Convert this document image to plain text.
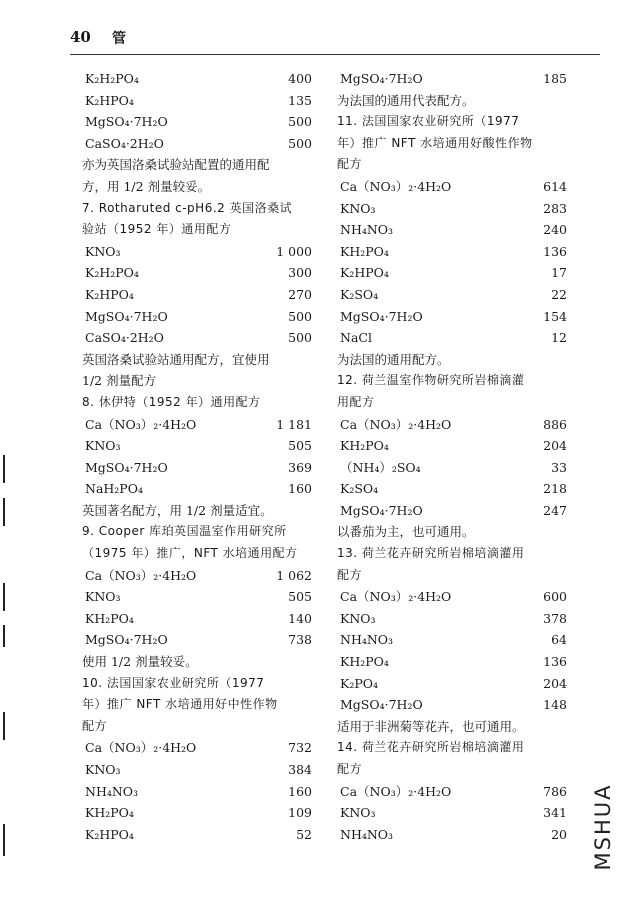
40 管
K₂H₂PO₄	400
K₂HPO₄	135
MgSO₄·7H₂O	500
CaSO₄·2H₂O	500
亦为英国洛桑试验站配置的通用配
方，用 1/2 剂量较妥。
7. Rotharuted c-pH6.2 英国洛桑试
验站（1952 年）通用配方
KNO₃	1 000
K₂H₂PO₄	300
K₂HPO₄	270
MgSO₄·7H₂O	500
CaSO₄·2H₂O	500
英国洛桑试验站通用配方，宜使用
1/2 剂量配方
8. 休伊特（1952 年）通用配方
Ca（NO₃）₂·4H₂O	1 181
KNO₃	505
MgSO₄·7H₂O	369
NaH₂PO₄	160
英国著名配方，用 1/2 剂量适宜。
9. Cooper 库珀英国温室作用研究所
（1975 年）推广，NFT 水培通用配方
Ca（NO₃）₂·4H₂O	1 062
KNO₃	505
KH₂PO₄	140
MgSO₄·7H₂O	738
使用 1/2 剂量较妥。
10. 法国国家农业研究所（1977
年）推广 NFT 水培通用好中性作物
配方
Ca（NO₃）₂·4H₂O	732
KNO₃	384
NH₄NO₃	160
KH₂PO₄	109
K₂HPO₄	52
MgSO₄·7H₂O	185
为法国的通用代表配方。
11. 法国国家农业研究所（1977
年）推广 NFT 水培通用好酸性作物
配方
Ca（NO₃）₂·4H₂O	614
KNO₃	283
NH₄NO₃	240
KH₂PO₄	136
K₂HPO₄	17
K₂SO₄	22
MgSO₄·7H₂O	154
NaCl	12
为法国的通用配方。
12. 荷兰温室作物研究所岩棉滴灌
用配方
Ca（NO₃）₂·4H₂O	886
KH₂PO₄	204
（NH₄）₂SO₄	33
K₂SO₄	218
MgSO₄·7H₂O	247
以番茄为主，也可通用。
13. 荷兰花卉研究所岩棉培滴灌用
配方
Ca（NO₃）₂·4H₂O	600
KNO₃	378
NH₄NO₃	64
KH₂PO₄	136
K₂PO₄	204
MgSO₄·7H₂O	148
适用于非洲菊等花卉，也可通用。
14. 荷兰花卉研究所岩棉培滴灌用
配方
Ca（NO₃）₂·4H₂O	786
KNO₃	341
NH₄NO₃	20 MSHUA
